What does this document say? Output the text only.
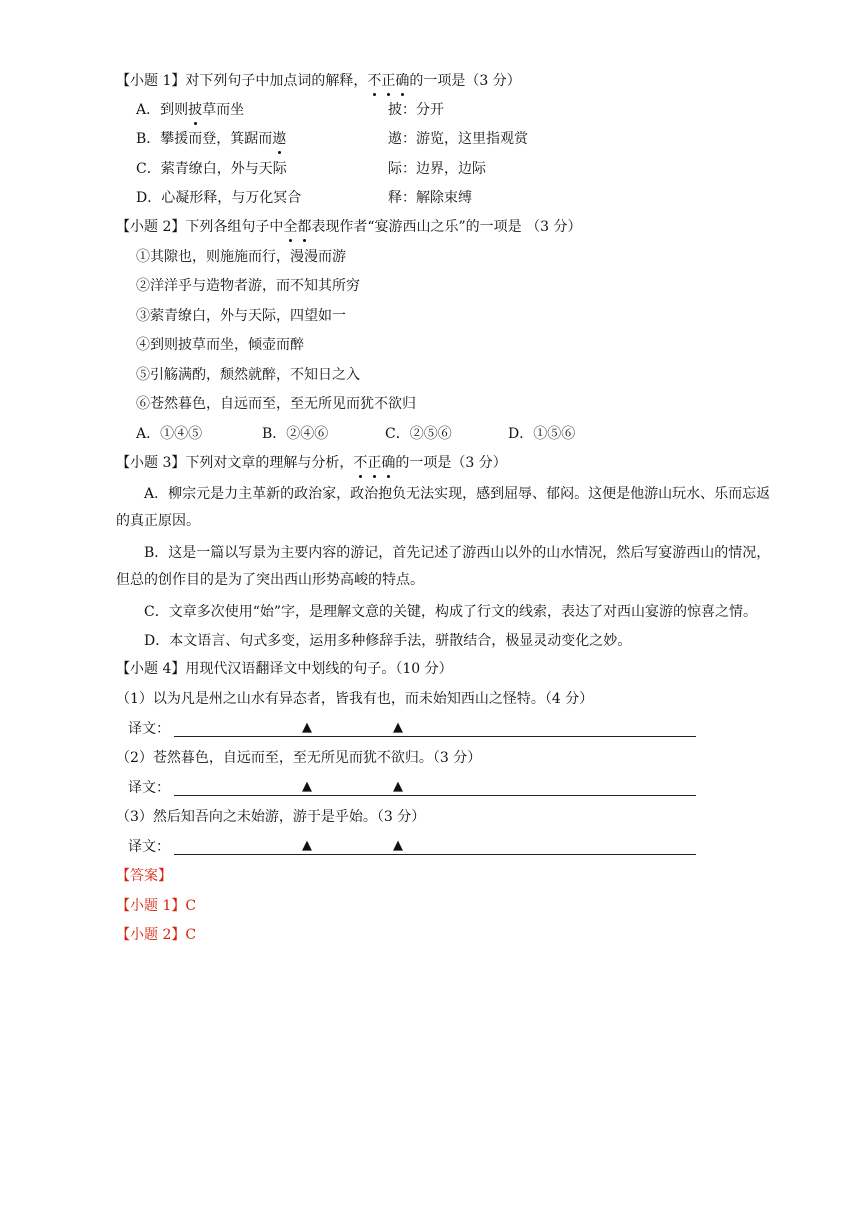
【小题 1】对下列句子中加点词的解释，不正确的一项是（3 分）
A．到则披草而坐	披：分开
B．攀援而登，箕踞而遨	遨：游览，这里指观赏
C．萦青缭白，外与天际	际：边界，边际
D．心凝形释，与万化冥合	释：解除束缚
【小题 2】下列各组句子中全都表现作者“宴游西山之乐”的一项是 （3 分）
①其隙也，则施施而行，漫漫而游
②洋洋乎与造物者游，而不知其所穷
③萦青缭白，外与天际，四望如一
④到则披草而坐，倾壶而醉
⑤引觞满酌，颓然就醉，不知日之入
⑥苍然暮色，自远而至，至无所见而犹不欲归
A．①④⑤	B．②④⑥	C．②⑤⑥	D．①⑤⑥
【小题 3】下列对文章的理解与分析，不正确的一项是（3 分）
A．柳宗元是力主革新的政治家，政治抱负无法实现，感到屈辱、郁闷。这便是他游山玩水、乐而忘返的真正原因。
B．这是一篇以写景为主要内容的游记，首先记述了游西山以外的山水情况，然后写宴游西山的情况，但总的创作目的是为了突出西山形势高峻的特点。
C．文章多次使用“始”字，是理解文意的关键，构成了行文的线索，表达了对西山宴游的惊喜之情。
D．本文语言、句式多变，运用多种修辞手法，骈散结合，极显灵动变化之妙。
【小题 4】用现代汉语翻译文中划线的句子。（10 分）
（1）以为凡是州之山水有异态者，皆我有也，而未始知西山之怪特。（4 分）
译文：	▲	▲
（2）苍然暮色，自远而至，至无所见而犹不欲归。（3 分）
译文：	▲	▲
（3）然后知吾向之未始游，游于是乎始。（3 分）
译文：	▲	▲
【答案】
【小题 1】C
【小题 2】C
